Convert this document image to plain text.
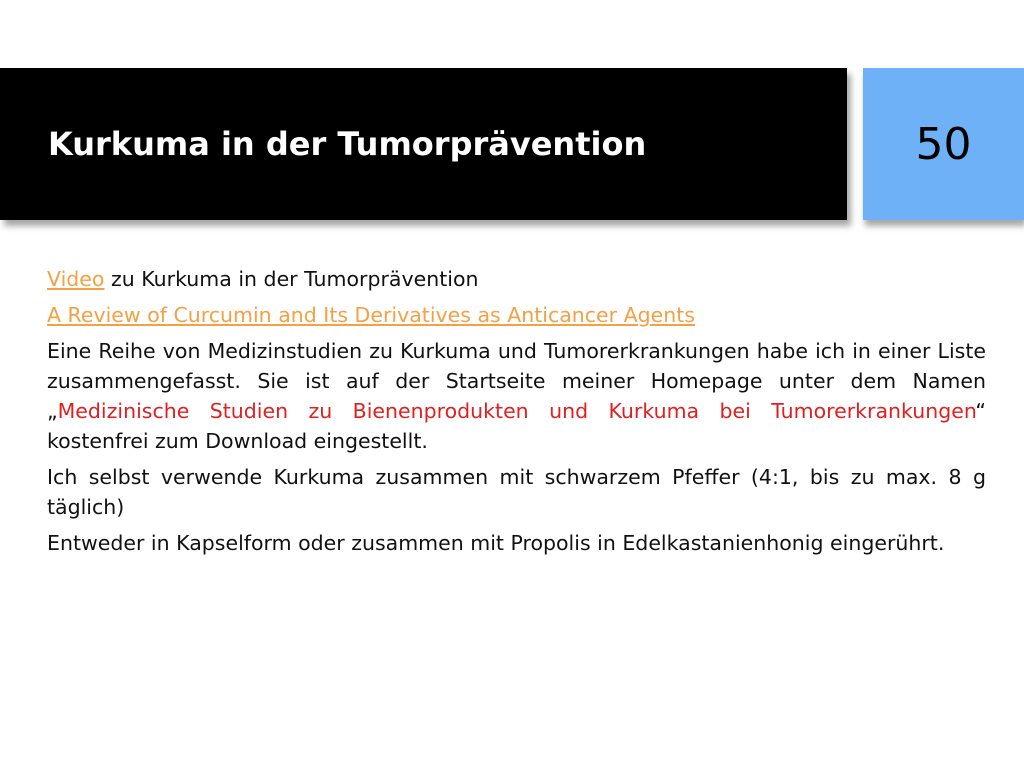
Kurkuma in der Tumorprävention	50

Video zu Kurkuma in der Tumorprävention

A Review of Curcumin and Its Derivatives as Anticancer Agents

Eine Reihe von Medizinstudien zu Kurkuma und Tumorerkrankungen habe ich in einer Liste zusammengefasst. Sie ist auf der Startseite meiner Homepage unter dem Namen „Medizinische Studien zu Bienenprodukten und Kurkuma bei Tumorerkrankungen“ kostenfrei zum Download eingestellt.

Ich selbst verwende Kurkuma zusammen mit schwarzem Pfeffer (4:1, bis zu max. 8 g täglich)

Entweder in Kapselform oder zusammen mit Propolis in Edelkastanienhonig eingerührt.
